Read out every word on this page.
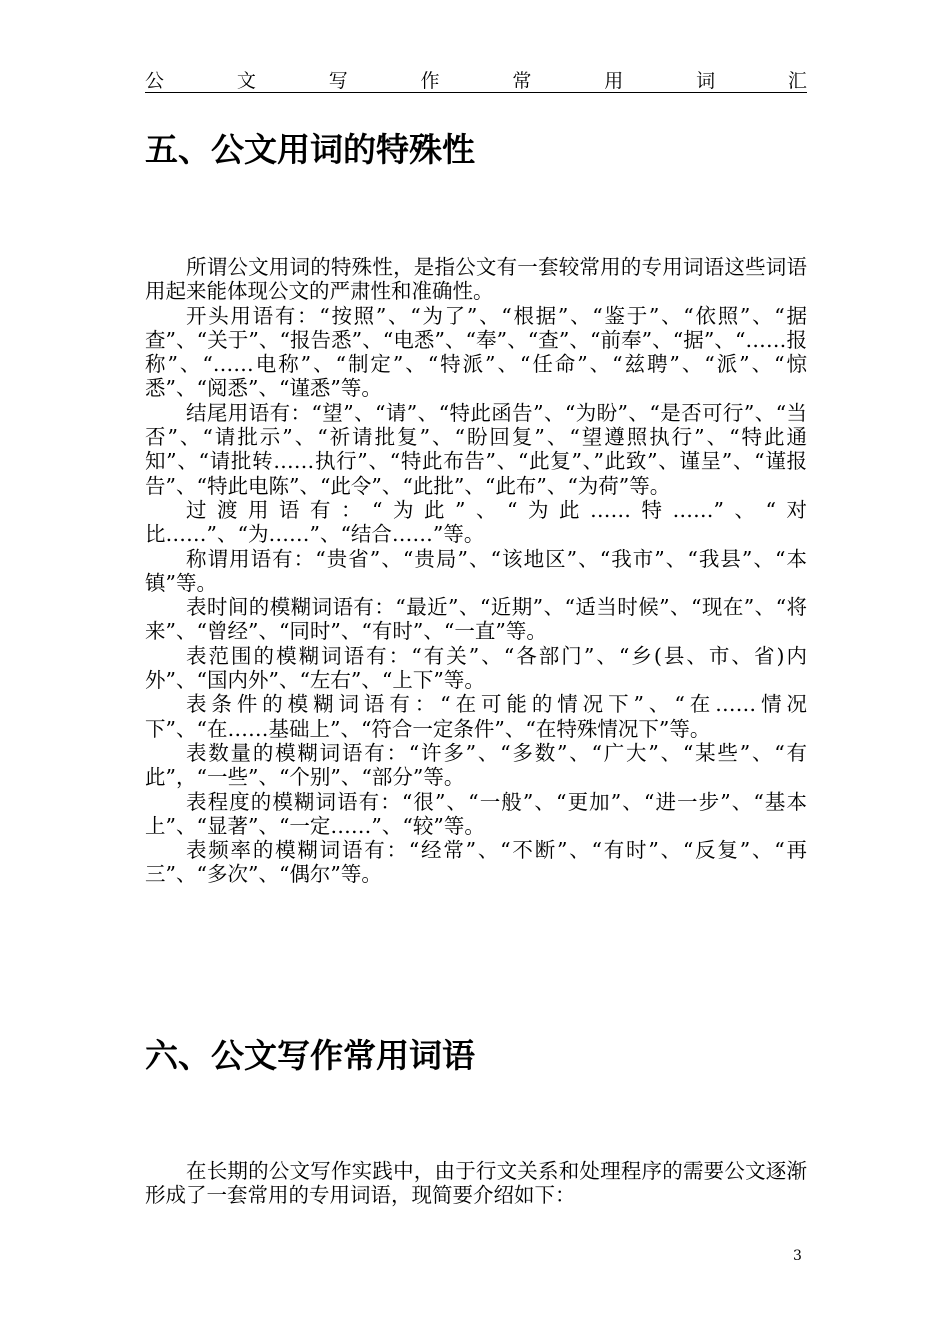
公	文	写	作	常	用	词	汇
五、公文用词的特殊性

所谓公文用词的特殊性，是指公文有一套较常用的专用词语这些词语用起来能体现公文的严肃性和准确性。

开头用语有：“按照”、“为了”、“根据”、“鉴于”、“依照”、“据查”、“关于”、“报告悉”、“电悉”、“奉”、“查”、“前奉”、“据”、“……报称”、“……电称”、“制定”、“特派”、“任命”、“兹聘”、“派”、“惊悉”、“阅悉”、“谨悉”等。

结尾用语有：“望”、“请”、“特此函告”、“为盼”、“是否可行”、“当否”、“请批示”、“祈请批复”、“盼回复”、“望遵照执行”、“特此通知”、“请批转……执行”、“特此布告”、“此复”、”此致”、谨呈”、“谨报告”、“特此电陈”、“此令”、“此批”、“此布”、“为荷”等。

过渡用语有：“为此”、“为此……特……”、“对比……”、“为……”、“结合……”等。

称谓用语有：“贵省”、“贵局”、“该地区”、“我市”、“我县”、“本镇”等。

表时间的模糊词语有：“最近”、“近期”、“适当时候”、“现在”、“将来”、“曾经”、“同时”、“有时”、“一直”等。

表范围的模糊词语有：“有关”、“各部门”、“乡(县、市、省)内外”、“国内外”、“左右”、“上下”等。

表条件的模糊词语有：“在可能的情况下”、“在……情况下”、“在……基础上”、“符合一定条件”、“在特殊情况下”等。

表数量的模糊词语有：“许多”、“多数”、“广大”、“某些”、“有此”，“一些”、“个别”、“部分”等。

表程度的模糊词语有：“很”、“一般”、“更加”、“进一步”、“基本上”、“显著”、“一定……”、“较”等。

表频率的模糊词语有：“经常”、“不断”、“有时”、“反复”、“再三”、“多次”、“偶尔”等。

六、公文写作常用词语

在长期的公文写作实践中，由于行文关系和处理程序的需要公文逐渐形成了一套常用的专用词语，现简要介绍如下：

3
